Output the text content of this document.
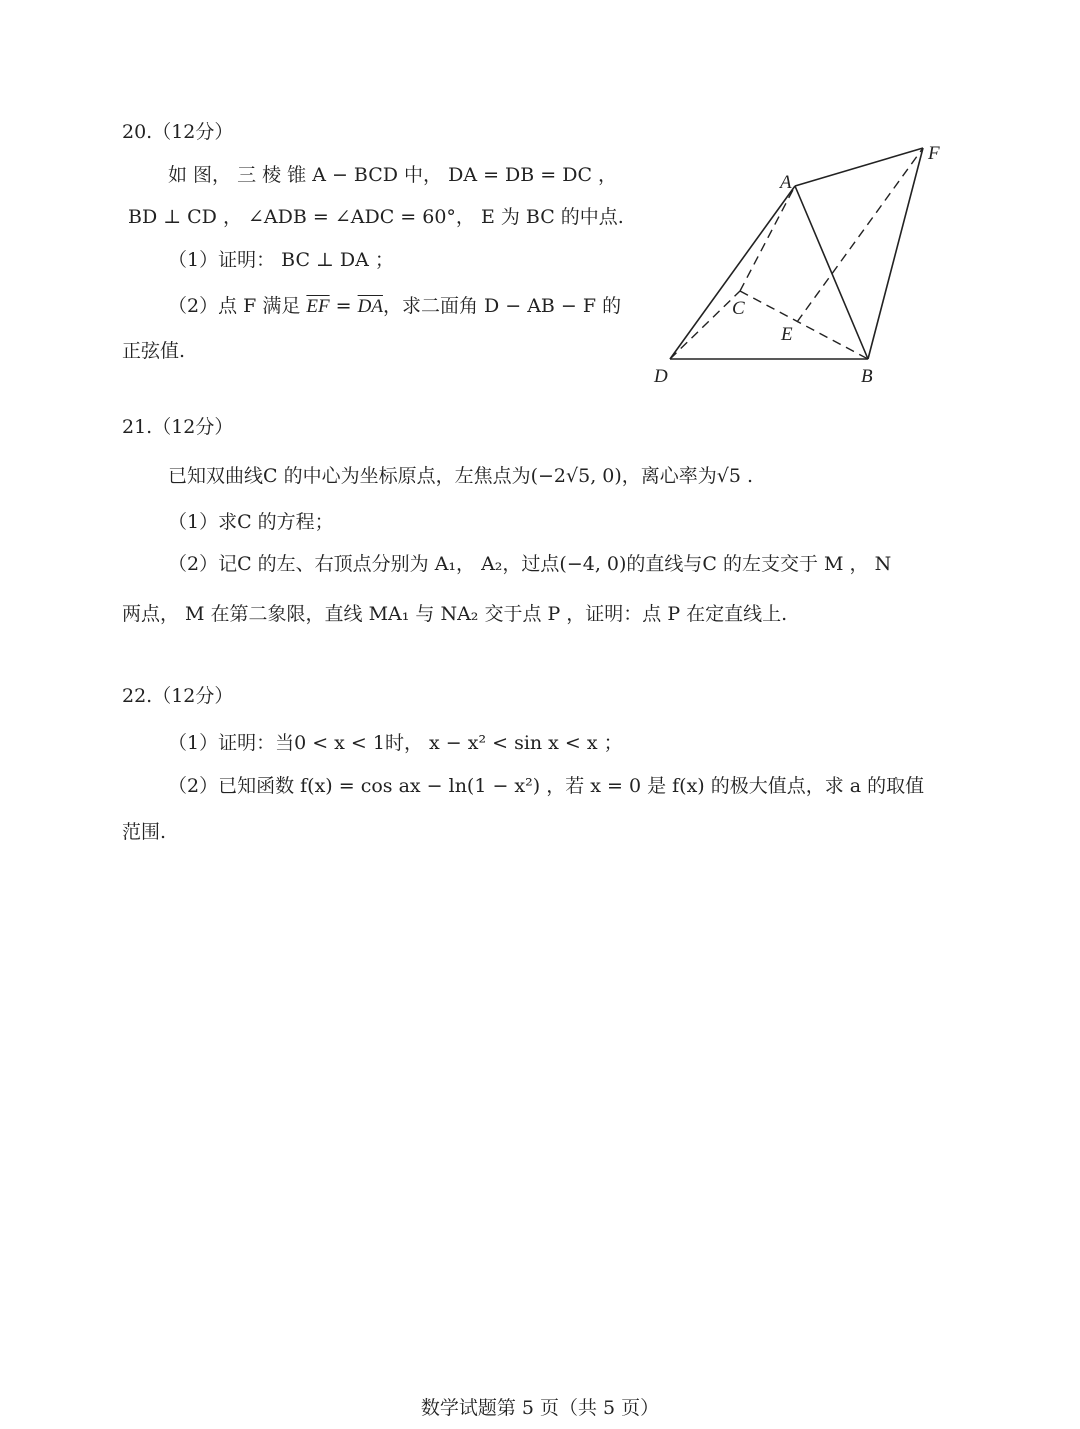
20.（12分）
如 图， 三 棱 锥 A − BCD 中， DA = DB = DC ，
BD ⊥ CD ， ∠ADB = ∠ADC = 60°， E 为 BC 的中点.
（1）证明： BC ⊥ DA ；
（2）点 F 满足 $\overline{EF} = \overline{DA}$，求二面角 D − AB − F 的
正弦值.
A
F
C
E
D	B
21.（12分）
已知双曲线C 的中心为坐标原点，左焦点为(−2√5, 0)，离心率为√5 .
（1）求C 的方程；
（2）记C 的左、右顶点分别为 A₁， A₂，过点(−4, 0)的直线与C 的左支交于 M ， N
两点， M 在第二象限，直线 MA₁ 与 NA₂ 交于点 P ，证明：点 P 在定直线上.
22.（12分）
（1）证明：当0 < x < 1时， x − x² < sin x < x ；
（2）已知函数 f(x) = cos ax − ln(1 − x²) ，若 x = 0 是 f(x) 的极大值点，求 a 的取值
范围.
数学试题第 5 页（共 5 页）
